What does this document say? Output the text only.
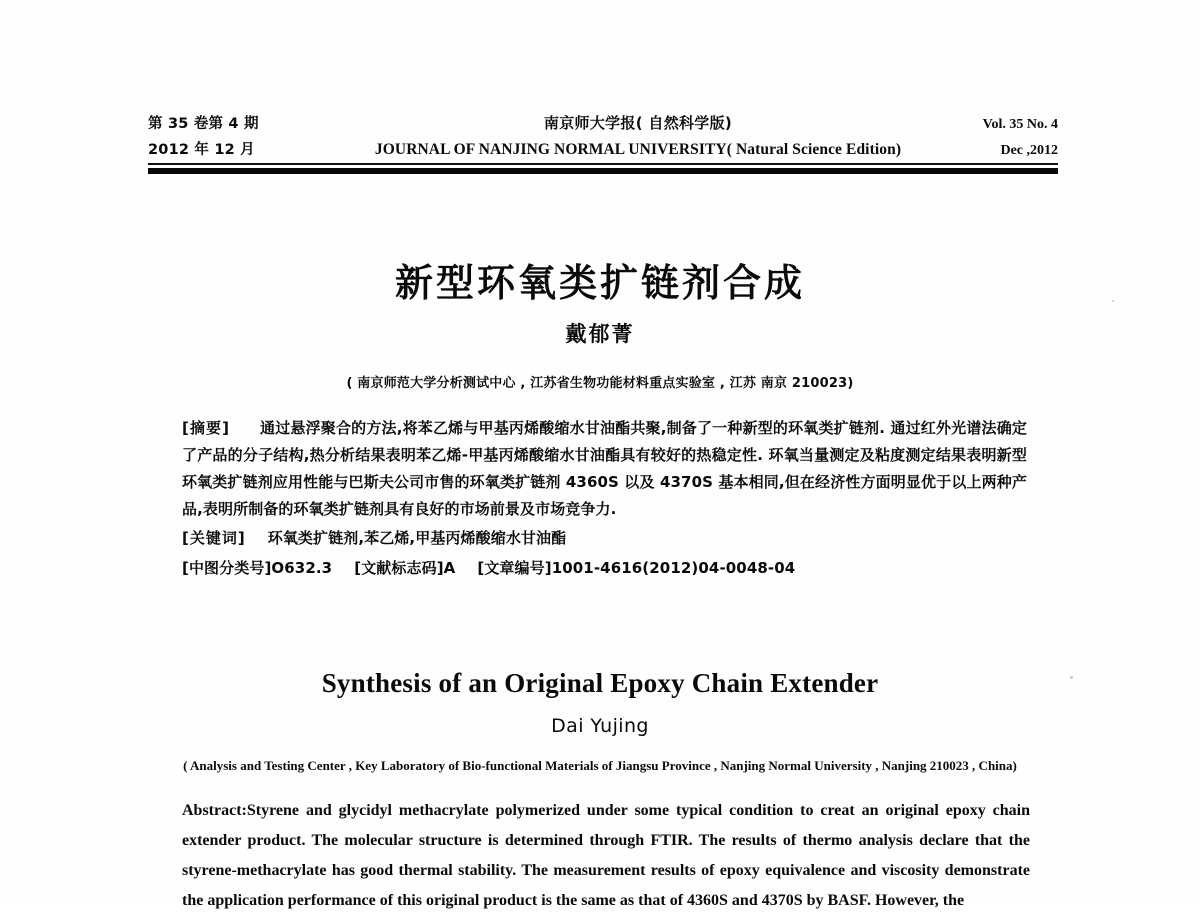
第 35 卷第 4 期	南京师大学报( 自然科学版)	Vol. 35 No. 4
2012 年 12 月	JOURNAL OF NANJING NORMAL UNIVERSITY( Natural Science Edition)	Dec ,2012
新型环氧类扩链剂合成
戴郁菁
( 南京师范大学分析测试中心 , 江苏省生物功能材料重点实验室 , 江苏 南京 210023)

[摘要] 通过悬浮聚合的方法,将苯乙烯与甲基丙烯酸缩水甘油酯共聚,制备了一种新型的环氧类扩链剂. 通过红外光谱法确定了产品的分子结构,热分析结果表明苯乙烯-甲基丙烯酸缩水甘油酯具有较好的热稳定性. 环氧当量测定及粘度测定结果表明新型环氧类扩链剂应用性能与巴斯夫公司市售的环氧类扩链剂 4360S 以及 4370S 基本相同,但在经济性方面明显优于以上两种产品,表明所制备的环氧类扩链剂具有良好的市场前景及市场竞争力.

[关键词] 环氧类扩链剂,苯乙烯,甲基丙烯酸缩水甘油酯

[中图分类号]O632.3 [文献标志码]A [文章编号]1001-4616(2012)04-0048-04

Synthesis of an Original Epoxy Chain Extender
Dai Yujing
( Analysis and Testing Center , Key Laboratory of Bio-functional Materials of Jiangsu Province , Nanjing Normal University , Nanjing 210023 , China)

Abstract:Styrene and glycidyl methacrylate polymerized under some typical condition to creat an original epoxy chain extender product. The molecular structure is determined through FTIR. The results of thermo analysis declare that the styrene-methacrylate has good thermal stability. The measurement results of epoxy equivalence and viscosity demonstrate the application performance of this original product is the same as that of 4360S and 4370S by BASF. However, the
